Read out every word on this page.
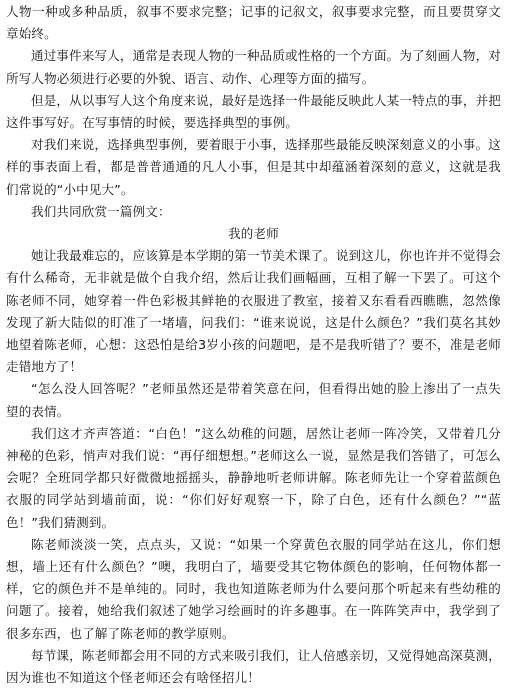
人物一种或多种品质，叙事不要求完整；记事的记叙文，叙事要求完整，而且要贯穿文章始终。

通过事件来写人，通常是表现人物的一种品质或性格的一个方面。为了刻画人物，对所写人物必须进行必要的外貌、语言、动作、心理等方面的描写。

但是，从以事写人这个角度来说，最好是选择一件最能反映此人某一特点的事，并把这件事写好。在写事情的时候，要选择典型的事例。

对我们来说，选择典型事例，要着眼于小事，选择那些最能反映深刻意义的小事。这样的事表面上看，都是普普通通的凡人小事，但是其中却蕴涵着深刻的意义，这就是我们常说的“小中见大”。

我们共同欣赏一篇例文：

我的老师

她让我最难忘的，应该算是本学期的第一节美术课了。说到这儿，你也许并不觉得会有什么稀奇，无非就是做个自我介绍，然后让我们画幅画，互相了解一下罢了。可这个陈老师不同，她穿着一件色彩极其鲜艳的衣服进了教室，接着又东看看西瞧瞧，忽然像发现了新大陆似的盯准了一堵墙，问我们：“谁来说说，这是什么颜色？”我们莫名其妙地望着陈老师，心想：这恐怕是给3岁小孩的问题吧，是不是我听错了？要不，准是老师走错地方了！

“怎么没人回答呢？”老师虽然还是带着笑意在问，但看得出她的脸上渗出了一点失望的表情。

我们这才齐声答道：“白色！”这么幼稚的问题，居然让老师一阵冷笑，又带着几分神秘的色彩，悄声对我们说：“再仔细想想。”老师这么一说，显然是我们答错了，可怎么会呢？全班同学都只好微微地摇摇头，静静地听老师讲解。陈老师先让一个穿着蓝颜色衣服的同学站到墙前面，说：“你们好好观察一下，除了白色，还有什么颜色？”“蓝色！”我们猜测到。

陈老师淡淡一笑，点点头，又说：“如果一个穿黄色衣服的同学站在这儿，你们想想，墙上还有什么颜色？”噢，我明白了，墙要受其它物体颜色的影响，任何物体都一样，它的颜色并不是单纯的。同时，我也知道陈老师为什么要问那个听起来有些幼稚的问题了。接着，她给我们叙述了她学习绘画时的许多趣事。在一阵阵笑声中，我学到了很多东西，也了解了陈老师的教学原则。

每节课，陈老师都会用不同的方式来吸引我们，让人倍感亲切，又觉得她高深莫测，因为谁也不知道这个怪老师还会有啥怪招儿！
